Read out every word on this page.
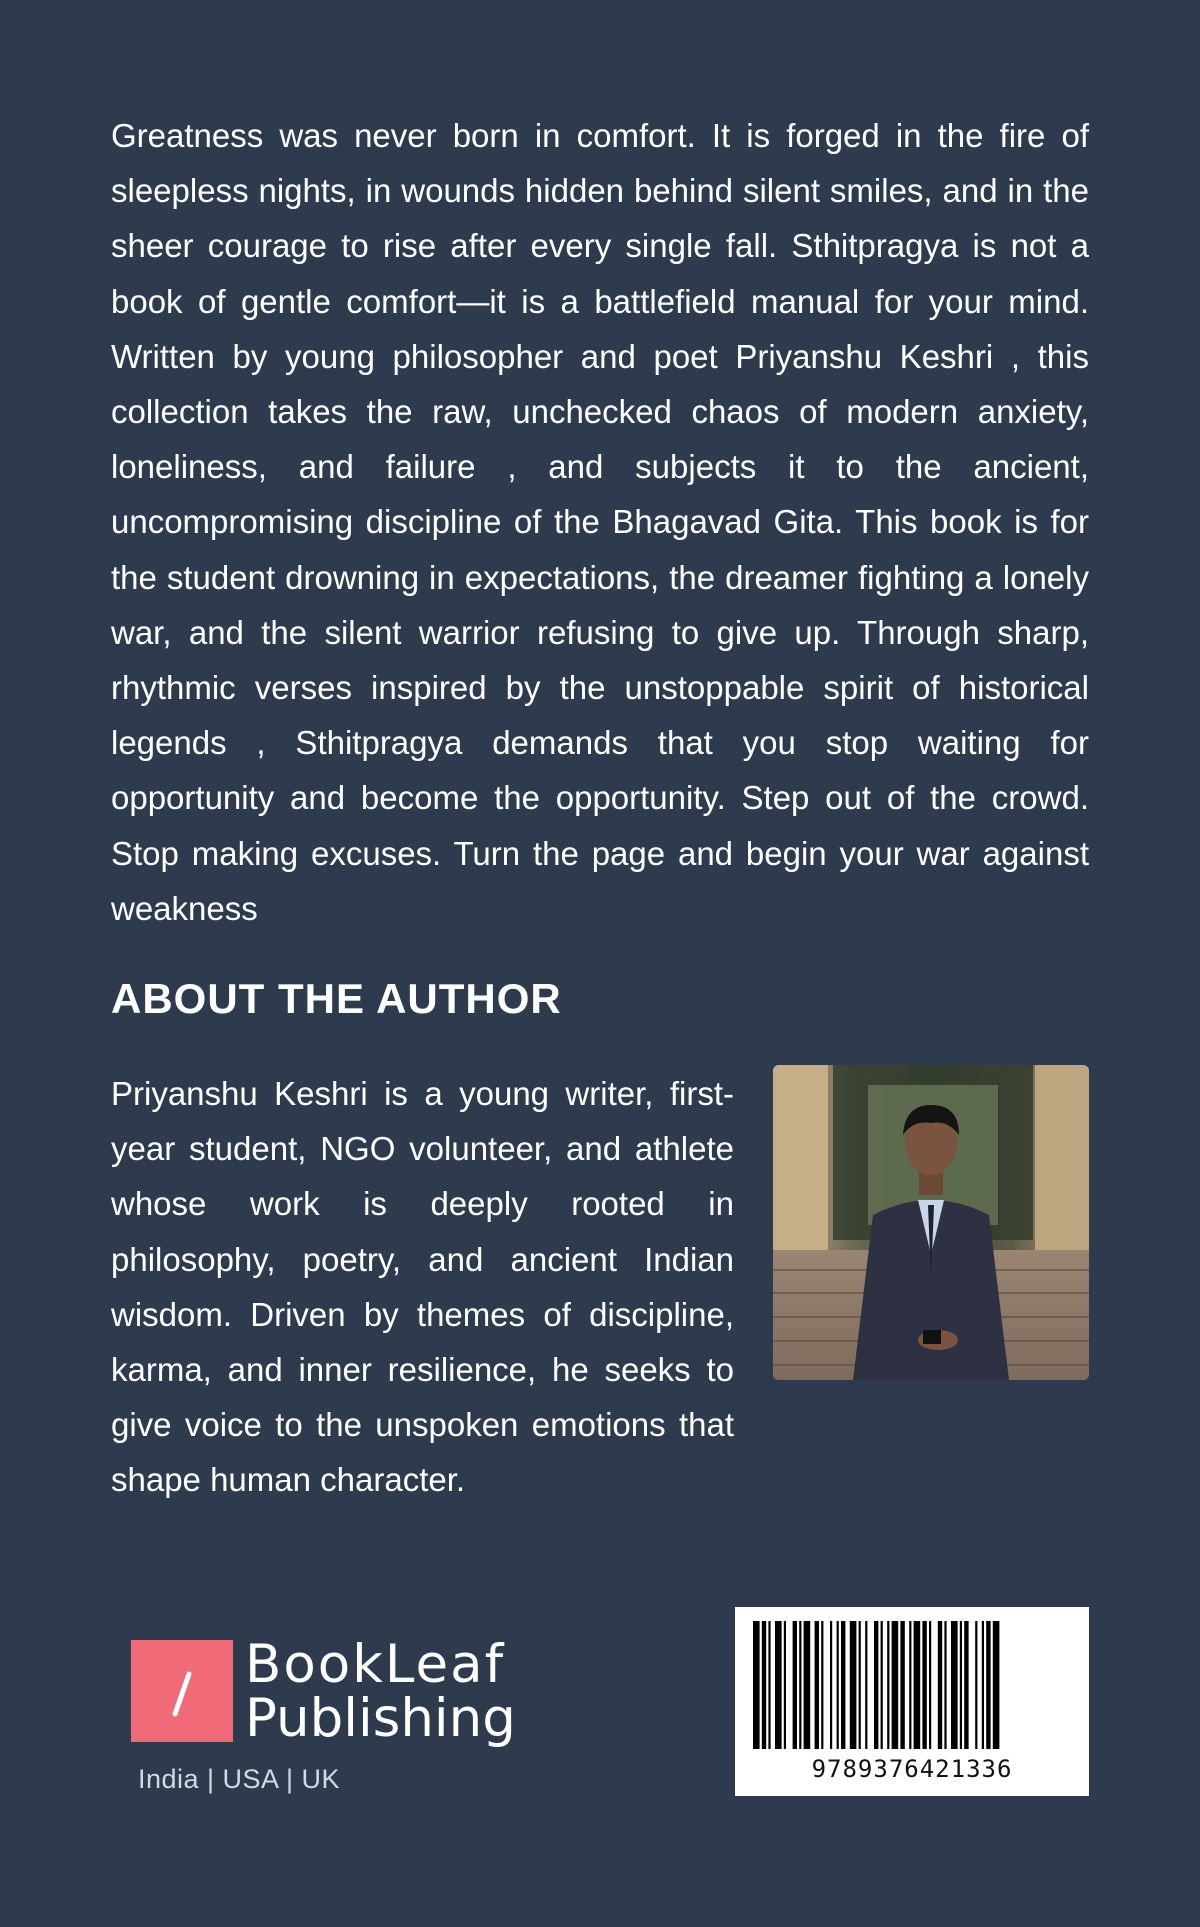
Greatness was never born in comfort. It is forged in the fire of sleepless nights, in wounds hidden behind silent smiles, and in the sheer courage to rise after every single fall. Sthitpragya is not a book of gentle comfort—it is a battlefield manual for your mind. Written by young philosopher and poet Priyanshu Keshri , this collection takes the raw, unchecked chaos of modern anxiety, loneliness, and failure , and subjects it to the ancient, uncompromising discipline of the Bhagavad Gita. This book is for the student drowning in expectations, the dreamer fighting a lonely war, and the silent warrior refusing to give up. Through sharp, rhythmic verses inspired by the unstoppable spirit of historical legends , Sthitpragya demands that you stop waiting for opportunity and become the opportunity. Step out of the crowd. Stop making excuses. Turn the page and begin your war against weakness

ABOUT THE AUTHOR

Priyanshu Keshri is a young writer, first-year student, NGO volunteer, and athlete whose work is deeply rooted in philosophy, poetry, and ancient Indian wisdom. Driven by themes of discipline, karma, and inner resilience, he seeks to give voice to the unspoken emotions that shape human character.

BookLeaf
Publishing
India | USA | UK	9789376421336
